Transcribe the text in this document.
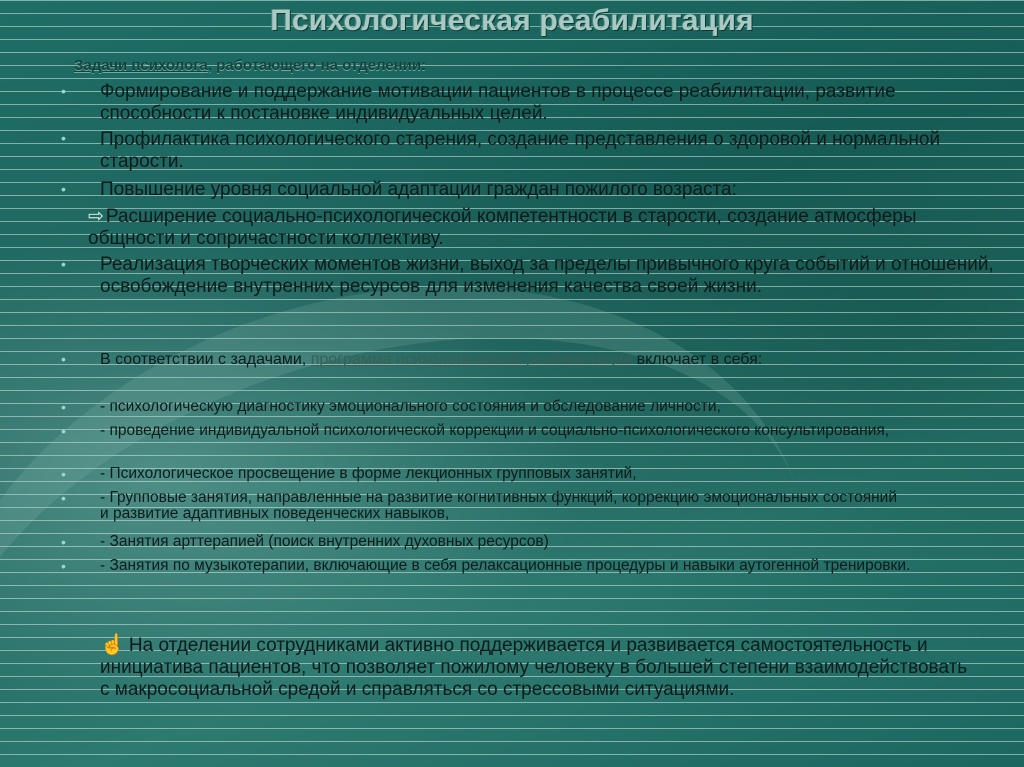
Психологическая реабилитация
Задачи психолога, работающего на отделении:
• Формирование и поддержание мотивации пациентов в процессе реабилитации, развитие способности к постановке индивидуальных целей.
• Профилактика психологического старения, создание представления о здоровой и нормальной старости.
• Повышение уровня социальной адаптации граждан пожилого возраста:
⇨ Расширение социально-психологической компетентности в старости, создание атмосферы общности и сопричастности коллективу.
• Реализация творческих моментов жизни, выход за пределы привычного круга событий и отношений, освобождение внутренних ресурсов для изменения качества своей жизни.
• В соответствии с задачами, программа психологической реабилитации включает в себя:
• - психологическую диагностику эмоционального состояния и обследование личности,
• - проведение индивидуальной психологической коррекции и социально-психологического консультирования,
• - Психологическое просвещение в форме лекционных групповых занятий,
• - Групповые занятия, направленные на развитие когнитивных функций, коррекцию эмоциональных состояний и развитие адаптивных поведенческих навыков,
• - Занятия арттерапией (поиск внутренних духовных ресурсов)
• - Занятия по музыкотерапии, включающие в себя релаксационные процедуры и навыки аутогенной тренировки.
☝ На отделении сотрудниками активно поддерживается и развивается самостоятельность и инициатива пациентов, что позволяет пожилому человеку в большей степени взаимодействовать с макросоциальной средой и справляться со стрессовыми ситуациями.
